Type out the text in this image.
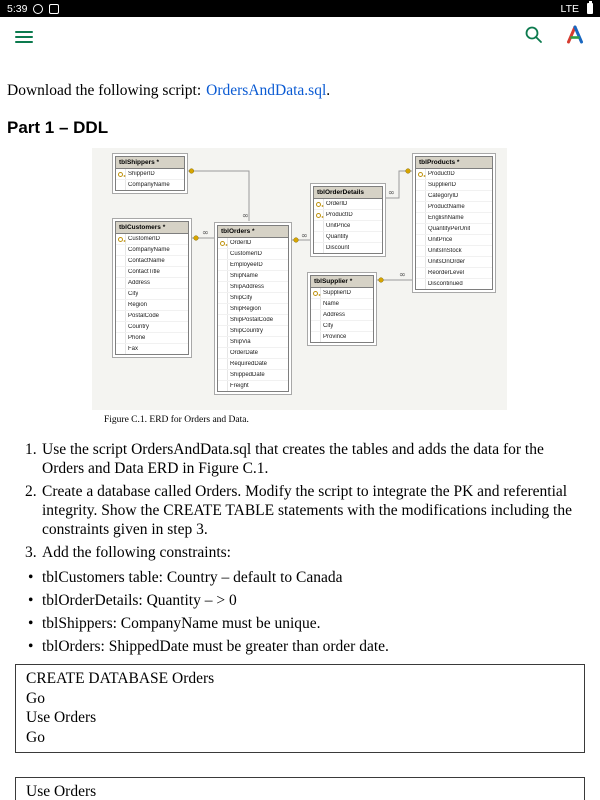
5:39	LTE
Download the following script: OrdersAndData.sql.
Part 1 – DDL
∞
∞	∞
∞
∞
tblShippers *
ShipperID
CompanyName
tblCustomers *
CustomerID
CompanyName
ContactName
ContactTitle
Address
City
Region
PostalCode
Country
Phone
Fax
tblOrders *
OrderID
CustomerID
EmployeeID
ShipName
ShipAddress
ShipCity
ShipRegion
ShipPostalCode
ShipCountry
ShipVia
OrderDate
RequiredDate
ShippedDate
Freight
tblOrderDetails
OrderID
ProductID
UnitPrice
Quantity
Discount
tblSupplier *
SupplierID
Name
Address
City
Province
tblProducts *
ProductID
SupplierID
CategoryID
ProductName
EnglishName
QuantityPerUnit
UnitPrice
UnitsInStock
UnitsOnOrder
ReorderLevel
Discontinued
Figure C.1. ERD for Orders and Data.
1. Use the script OrdersAndData.sql that creates the tables and adds the data for the Orders and Data ERD in Figure C.1.
2. Create a database called Orders. Modify the script to integrate the PK and referential integrity. Show the CREATE TABLE statements with the modifications including the constraints given in step 3.
3. Add the following constraints:
•
tblCustomers table: Country – default to Canada
•
tblOrderDetails: Quantity – > 0
•
tblShippers: CompanyName must be unique.
•
tblOrders: ShippedDate must be greater than order date.
CREATE DATABASE Orders
Go
Use Orders
Go
Use Orders
